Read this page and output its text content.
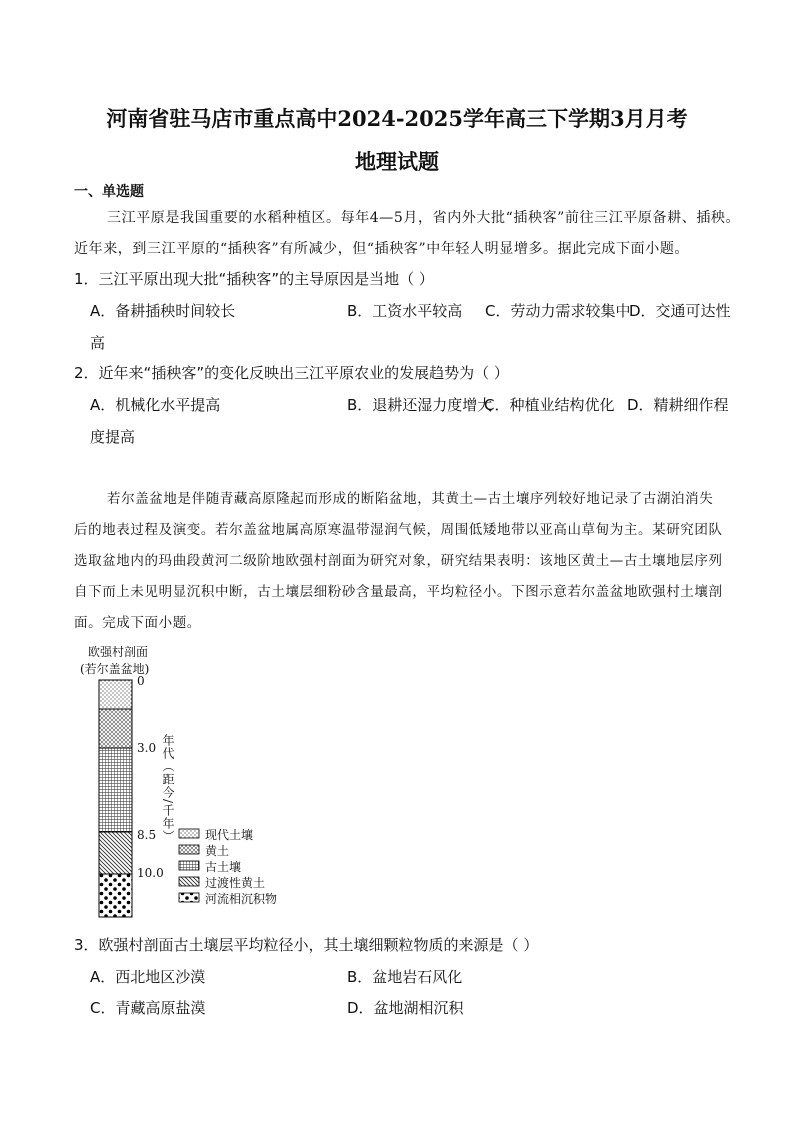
河南省驻马店市重点高中2024-2025学年高三下学期3月月考
地理试题
一、单选题
三江平原是我国重要的水稻种植区。每年4—5月，省内外大批“插秧客”前往三江平原备耕、插秧。
近年来，到三江平原的“插秧客”有所减少，但“插秧客”中年轻人明显增多。据此完成下面小题。
1．三江平原出现大批“插秧客”的主导原因是当地（ ）
A．备耕插秧时间较长	B．工资水平较高 C．劳动力需求较集中
D．交通可达性
高
2．近年来“插秧客”的变化反映出三江平原农业的发展趋势为（ ）
A．机械化水平提高	B．退耕还湿力度增大
C．种植业结构优化 D．精耕细作程
度提高
若尔盖盆地是伴随青藏高原隆起而形成的断陷盆地，其黄土—古土壤序列较好地记录了古湖泊消失
后的地表过程及演变。若尔盖盆地属高原寒温带湿润气候，周围低矮地带以亚高山草甸为主。某研究团队
选取盆地内的玛曲段黄河二级阶地欧强村剖面为研究对象，研究结果表明：该地区黄土—古土壤地层序列
自下而上未见明显沉积中断，古土壤层细粉砂含量最高，平均粒径小。下图示意若尔盖盆地欧强村土壤剖
面。完成下面小题。
欧强村剖面
(若尔盖盆地)
0
3.0
8.5
10.0
年代（距今/千年）	现代土壤
黄土
古土壤
过渡性黄土
河流相沉积物
3．欧强村剖面古土壤层平均粒径小，其土壤细颗粒物质的来源是（ ）
A．西北地区沙漠	B．盆地岩石风化
C．青藏高原盐漠	D．盆地湖相沉积
